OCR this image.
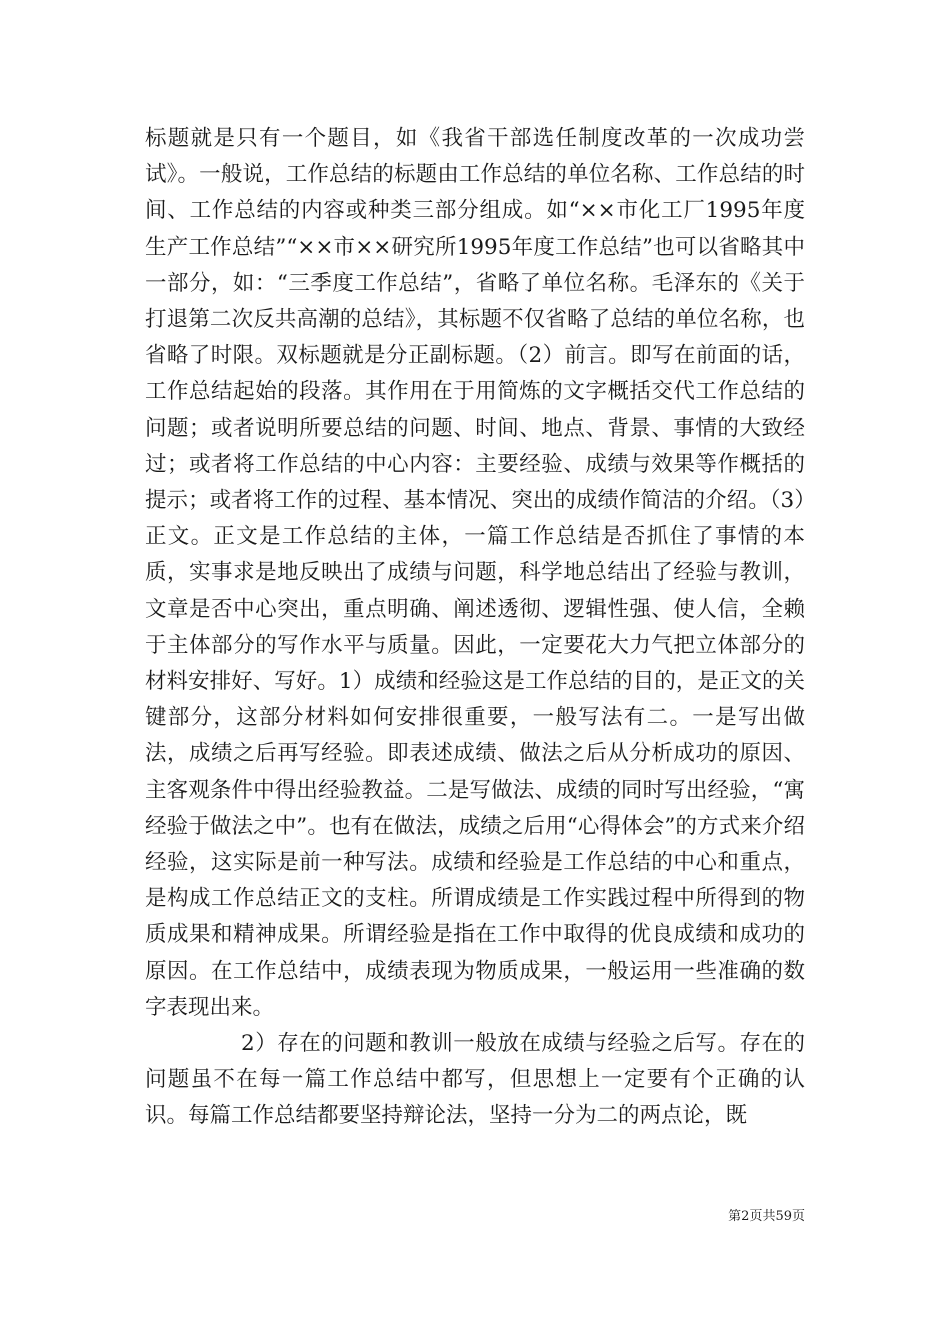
标题就是只有一个题目，如《我省干部选任制度改革的一次成功尝试》。一般说，工作总结的标题由工作总结的单位名称、工作总结的时间、工作总结的内容或种类三部分组成。如“××市化工厂1995年度生产工作总结”“××市××研究所1995年度工作总结”也可以省略其中一部分，如：“三季度工作总结”，省略了单位名称。毛泽东的《关于打退第二次反共高潮的总结》，其标题不仅省略了总结的单位名称，也省略了时限。双标题就是分正副标题。（2）前言。即写在前面的话，工作总结起始的段落。其作用在于用简炼的文字概括交代工作总结的问题；或者说明所要总结的问题、时间、地点、背景、事情的大致经过；或者将工作总结的中心内容：主要经验、成绩与效果等作概括的提示；或者将工作的过程、基本情况、突出的成绩作简洁的介绍。（3）正文。正文是工作总结的主体，一篇工作总结是否抓住了事情的本质，实事求是地反映出了成绩与问题，科学地总结出了经验与教训，文章是否中心突出，重点明确、阐述透彻、逻辑性强、使人信，全赖于主体部分的写作水平与质量。因此，一定要花大力气把立体部分的材料安排好、写好。1）成绩和经验这是工作总结的目的，是正文的关键部分，这部分材料如何安排很重要，一般写法有二。一是写出做法，成绩之后再写经验。即表述成绩、做法之后从分析成功的原因、主客观条件中得出经验教益。二是写做法、成绩的同时写出经验，“寓经验于做法之中”。也有在做法，成绩之后用“心得体会”的方式来介绍经验，这实际是前一种写法。成绩和经验是工作总结的中心和重点，是构成工作总结正文的支柱。所谓成绩是工作实践过程中所得到的物质成果和精神成果。所谓经验是指在工作中取得的优良成绩和成功的原因。在工作总结中，成绩表现为物质成果，一般运用一些准确的数字表现出来。

2）存在的问题和教训一般放在成绩与经验之后写。存在的问题虽不在每一篇工作总结中都写，但思想上一定要有个正确的认识。每篇工作总结都要坚持辩论法，坚持一分为二的两点论，既

第2页共59页
